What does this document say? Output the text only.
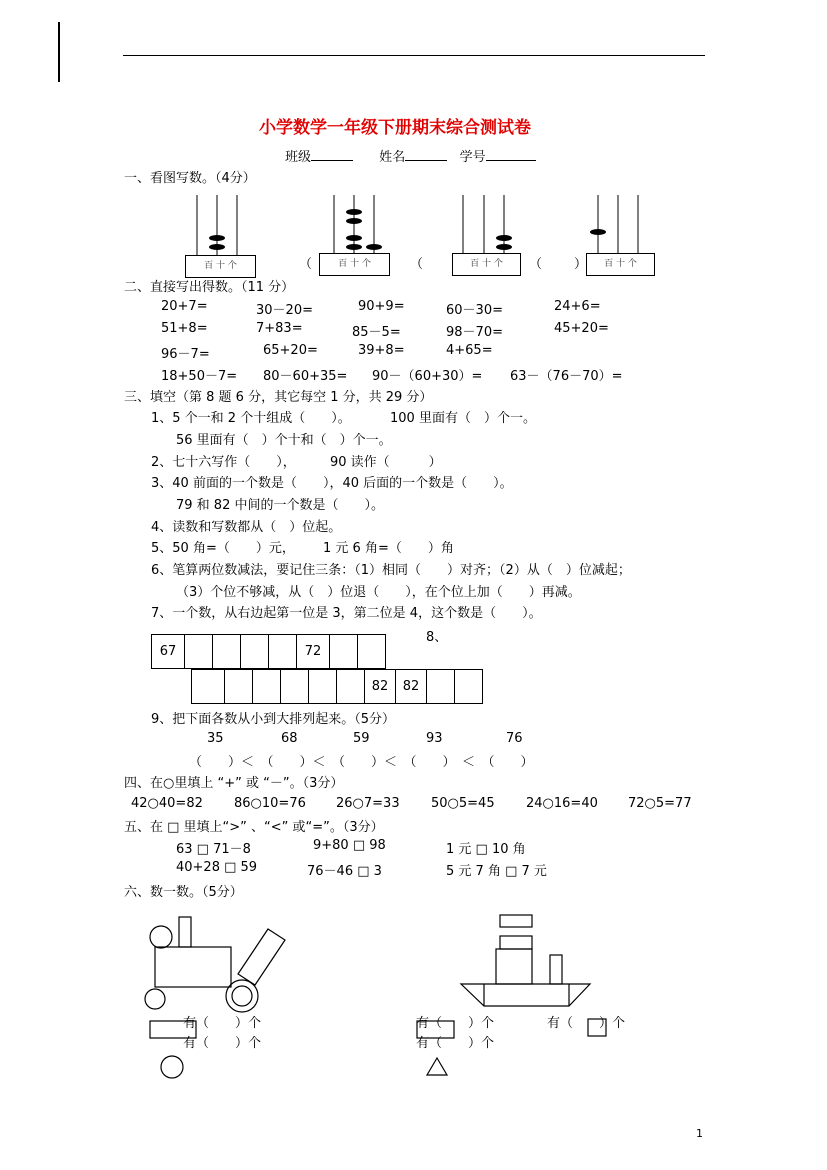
小学数学一年级下册期末综合测试卷
班级	姓名	学号
一、看图写数。（4分）
百 十 个	百 十 个	百 十 个	百 十 个
（	（	（ ）
二、直接写出得数。（11 分）
20+7=	30－20=	90+9=	60－30=	24+6=
51+8=	7+83=	85－5=	98－70=	45+20=
96－7=	65+20=	39+8=	4+65=
18+50－7= 80－60+35= 90－（60+30）= 63－（76－70）=
三、填空（第 8 题 6 分，其它每空 1 分，共 29 分）
1、5 个一和 2 个十组成（　　）。	100 里面有（　）个一。
56 里面有（　）个十和（　）个一。
2、七十六写作（　　），	90 读作（　　　）
3、40 前面的一个数是（　　），40 后面的一个数是（　　）。
79 和 82 中间的一个数是（　　）。
4、读数和写数都从（　）位起。
5、50 角=（　　）元， 1 元 6 角=（　　）角
6、笔算两位数减法，要记住三条：（1）相同（　　）对齐；（2）从（　）位减起；
（3）个位不够减，从（　）位退（　　），在个位上加（　　）再减。
7、一个数，从右边起第一位是 3，第二位是 4，这个数是（　　）。
8、
67					72		
						82	82		
9、把下面各数从小到大排列起来。（5分）
35	68	59	93	76
（　　）＜　（　　）＜　（　　）＜　（　　）　＜　（　　）
四、在○里填上 “+” 或 “－”。（3分）
42○40=82 86○10=76 26○7=33 50○5=45 24○16=40 72○5=77
五、在 □ 里填上“>” 、“<” 或“=”。（3分）
63 □ 71－8	9+80 □ 98	1 元 □ 10 角
40+28 □ 59	76－46 □ 3	5 元 7 角 □ 7 元
六、数一数。（5分）
有（　　）个
有（　　）个
有（　　）个
有（　　）个
有（　　）个
1
